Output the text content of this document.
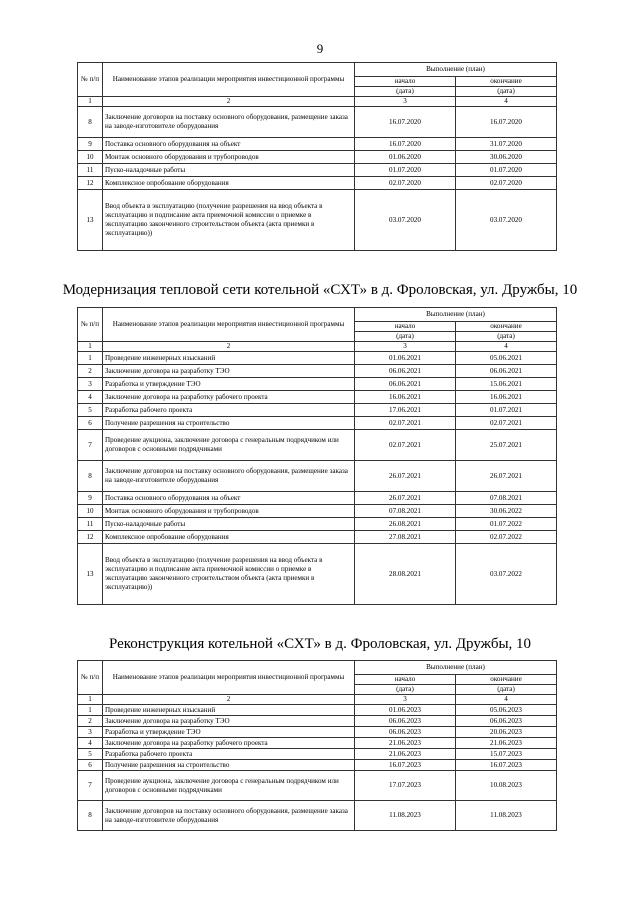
9
Модернизация тепловой сети котельной «СХТ» в д. Фроловская, ул. Дружбы, 10
Реконструкция котельной «СХТ» в д. Фроловская, ул. Дружбы, 10
№ п/п	Наименование этапов реализации мероприятия инвестиционной программы	Выполнение (план)	
		начало	окончание
		(дата)	(дата)
1	2	3	4
8	Заключение договоров на поставку основного оборудования, размещение заказа на заводе-изготовителе оборудования	16.07.2020	16.07.2020
9	Поставка основного оборудования на объект	16.07.2020	31.07.2020
10	Монтаж основного оборудования и трубопроводов	01.06.2020	30.06.2020
11	Пуско-наладочные работы	01.07.2020	01.07.2020
12	Комплексное опробование оборудования	02.07.2020	02.07.2020
13	Ввод объекта в эксплуатацию (получение разрешения на ввод объекта в эксплуатацию и подписание акта приемочной комиссии о приемке в эксплуатацию законченного строительством объекта (акта приемки в эксплуатацию))	03.07.2020	03.07.2020
№ п/п	Наименование этапов реализации мероприятия инвестиционной программы	Выполнение (план)	
		начало	окончание
		(дата)	(дата)
1	2	3	4
1	Проведение инженерных изысканий	01.06.2021	05.06.2021
2	Заключение договора на разработку ТЭО	06.06.2021	06.06.2021
3	Разработка и утверждение ТЭО	06.06.2021	15.06.2021
4	Заключение договора на разработку рабочего проекта	16.06.2021	16.06.2021
5	Разработка рабочего проекта	17.06.2021	01.07.2021
6	Получение разрешения на строительство	02.07.2021	02.07.2021
7	Проведение аукциона, заключение договора с генеральным подрядчиком или договоров с основными подрядчиками	02.07.2021	25.07.2021
8	Заключение договоров на поставку основного оборудования, размещение заказа на заводе-изготовителе оборудования	26.07.2021	26.07.2021
9	Поставка основного оборудования на объект	26.07.2021	07.08.2021
10	Монтаж основного оборудования и трубопроводов	07.08.2021	30.06.2022
11	Пуско-наладочные работы	26.08.2021	01.07.2022
12	Комплексное опробование оборудования	27.08.2021	02.07.2022
13	Ввод объекта в эксплуатацию (получение разрешения на ввод объекта в эксплуатацию и подписание акта приемочной комиссии о приемке в эксплуатацию законченного строительством объекта (акта приемки в эксплуатацию))	28.08.2021	03.07.2022
№ п/п	Наименование этапов реализации мероприятия инвестиционной программы	Выполнение (план)	
		начало	окончание
		(дата)	(дата)
1	2	3	4
1	Проведение инженерных изысканий	01.06.2023	05.06.2023
2	Заключение договора на разработку ТЭО	06.06.2023	06.06.2023
3	Разработка и утверждение ТЭО	06.06.2023	20.06.2023
4	Заключение договора на разработку рабочего проекта	21.06.2023	21.06.2023
5	Разработка рабочего проекта	21.06.2023	15.07.2023
6	Получение разрешения на строительство	16.07.2023	16.07.2023
7	Проведение аукциона, заключение договора с генеральным подрядчиком или договоров с основными подрядчиками	17.07.2023	10.08.2023
8	Заключение договоров на поставку основного оборудования, размещение заказа на заводе-изготовителе оборудования	11.08.2023	11.08.2023
